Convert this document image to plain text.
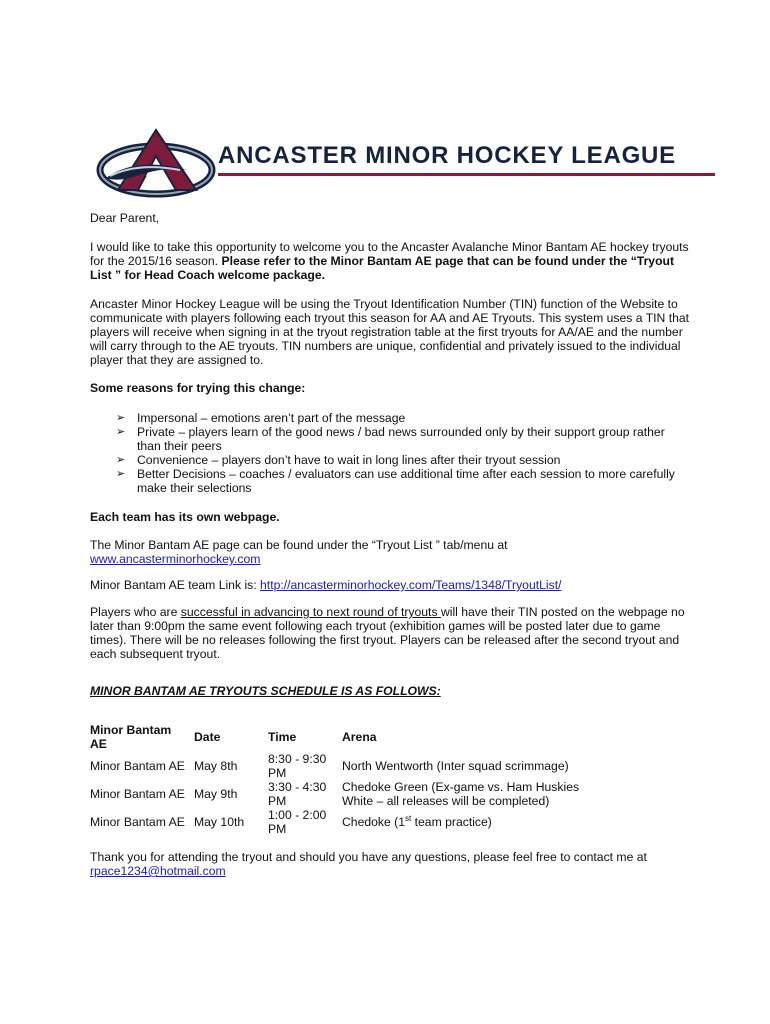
ANCASTER MINOR HOCKEY LEAGUE
Dear Parent,
I would like to take this opportunity to welcome you to the Ancaster Avalanche Minor Bantam AE hockey tryouts for the 2015/16 season. Please refer to the Minor Bantam AE page that can be found under the “Tryout List ” for Head Coach welcome package.
Ancaster Minor Hockey League will be using the Tryout Identification Number (TIN) function of the Website to communicate with players following each tryout this season for AA and AE Tryouts. This system uses a TIN that players will receive when signing in at the tryout registration table at the first tryouts for AA/AE and the number will carry through to the AE tryouts. TIN numbers are unique, confidential and privately issued to the individual player that they are assigned to.
Some reasons for trying this change:
➢ Impersonal – emotions aren’t part of the message
➢ Private – players learn of the good news / bad news surrounded only by their support group rather than their peers
➢ Convenience – players don’t have to wait in long lines after their tryout session
➢ Better Decisions – coaches / evaluators can use additional time after each session to more carefully make their selections
Each team has its own webpage.
The Minor Bantam AE page can be found under the “Tryout List ” tab/menu at
www.ancasterminorhockey.com
Minor Bantam AE team Link is: http://ancasterminorhockey.com/Teams/1348/TryoutList/
Players who are successful in advancing to next round of tryouts will have their TIN posted on the webpage no later than 9:00pm the same event following each tryout (exhibition games will be posted later due to game times). There will be no releases following the first tryout. Players can be released after the second tryout and each subsequent tryout.
MINOR BANTAM AE TRYOUTS SCHEDULE IS AS FOLLOWS:
Minor Bantam AE	Date	Time	Arena
Minor Bantam AE	May 8th	8:30 - 9:30 PM	North Wentworth (Inter squad scrimmage)
Minor Bantam AE	May 9th	3:30 - 4:30 PM	Chedoke Green (Ex-game vs. Ham Huskies White – all releases will be completed)
Minor Bantam AE	May 10th	1:00 - 2:00 PM	Chedoke (1st team practice)
Thank you for attending the tryout and should you have any questions, please feel free to contact me at
rpace1234@hotmail.com
